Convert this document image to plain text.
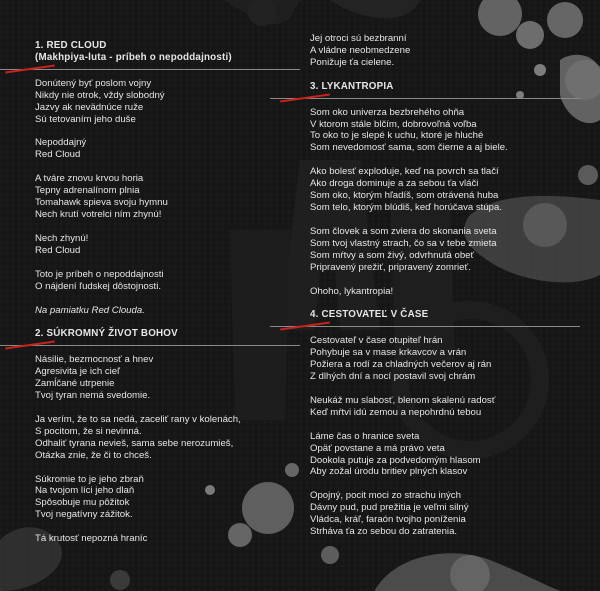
1. RED CLOUD
(Makhpiya-luta - príbeh o nepoddajnosti)
Donútený byť poslom vojny
Nikdy nie otrok, vždy slobodný
Jazvy ak nevädnúce ruže
Sú tetovaním jeho duše
Nepoddajný
Red Cloud
A tváre znovu krvou horia
Tepny adrenalínom plnia
Tomahawk spieva svoju hymnu
Nech krutí votrelci ním zhynú!
Nech zhynú!
Red Cloud
Toto je príbeh o nepoddajnosti
O nájdení ľudskej dôstojnosti.
Na pamiatku Red Clouda.
2. SÚKROMNÝ ŽIVOT BOHOV
Násilie, bezmocnosť a hnev
Agresivita je ich cieľ
Zamĺčané utrpenie
Tvoj tyran nemá svedomie.
Ja verím, že to sa nedá, zaceliť rany v kolenách,
S pocitom, že si nevinná.
Odhaliť tyrana nevieš, sama sebe nerozumieš,
Otázka znie, že či to chceš.
Súkromie to je jeho zbraň
Na tvojom líci jeho dlaň
Spôsobuje mu pôžitok
Tvoj negatívny zážitok.
Tá krutosť nepozná hraníc
Jej otroci sú bezbranní
A vládne neobmedzene
Ponižuje ťa cielene.
3. LYKANTROPIA
Som oko univerza bezbrehého ohňa
V ktorom stále blčím, dobrovoľná voľba
To oko to je slepé k uchu, ktoré je hluché
Som nevedomosť sama, som čierne a aj biele.
Ako bolesť exploduje, keď na povrch sa tlačí
Ako droga dominuje a za sebou ťa vláči
Som oko, ktorým hľadíš, som otrávená huba
Som telo, ktorým blúdiš, keď horúčava stúpa.
Som človek a som zviera do skonania sveta
Som tvoj vlastný strach, čo sa v tebe zmieta
Som mŕtvy a som živý, odvrhnutá obeť
Pripravený prežiť, pripravený zomrieť.
Ohoho, lykantropia!
4. CESTOVATEĽ V ČASE
Cestovateľ v čase otupiteľ hrán
Pohybuje sa v mase krkavcov a vrán
Požiera a rodí za chladných večerov aj rán
Z dlhých dní a nocí postavil svoj chrám
Neukáž mu slabosť, blenom skalenú radosť
Keď mŕtvi idú zemou a nepohrdnú tebou
Láme čas o hranice sveta
Opäť povstane a má právo veta
Dookola putuje za podvedomým hlasom
Aby zožal úrodu britiev plných klasov
Opojný, pocit moci zo strachu iných
Dávny pud, pud prežitia je veľmi silný
Vládca, kráľ, faraón tvojho poníženia
Strháva ťa zo sebou do zatratenia.
